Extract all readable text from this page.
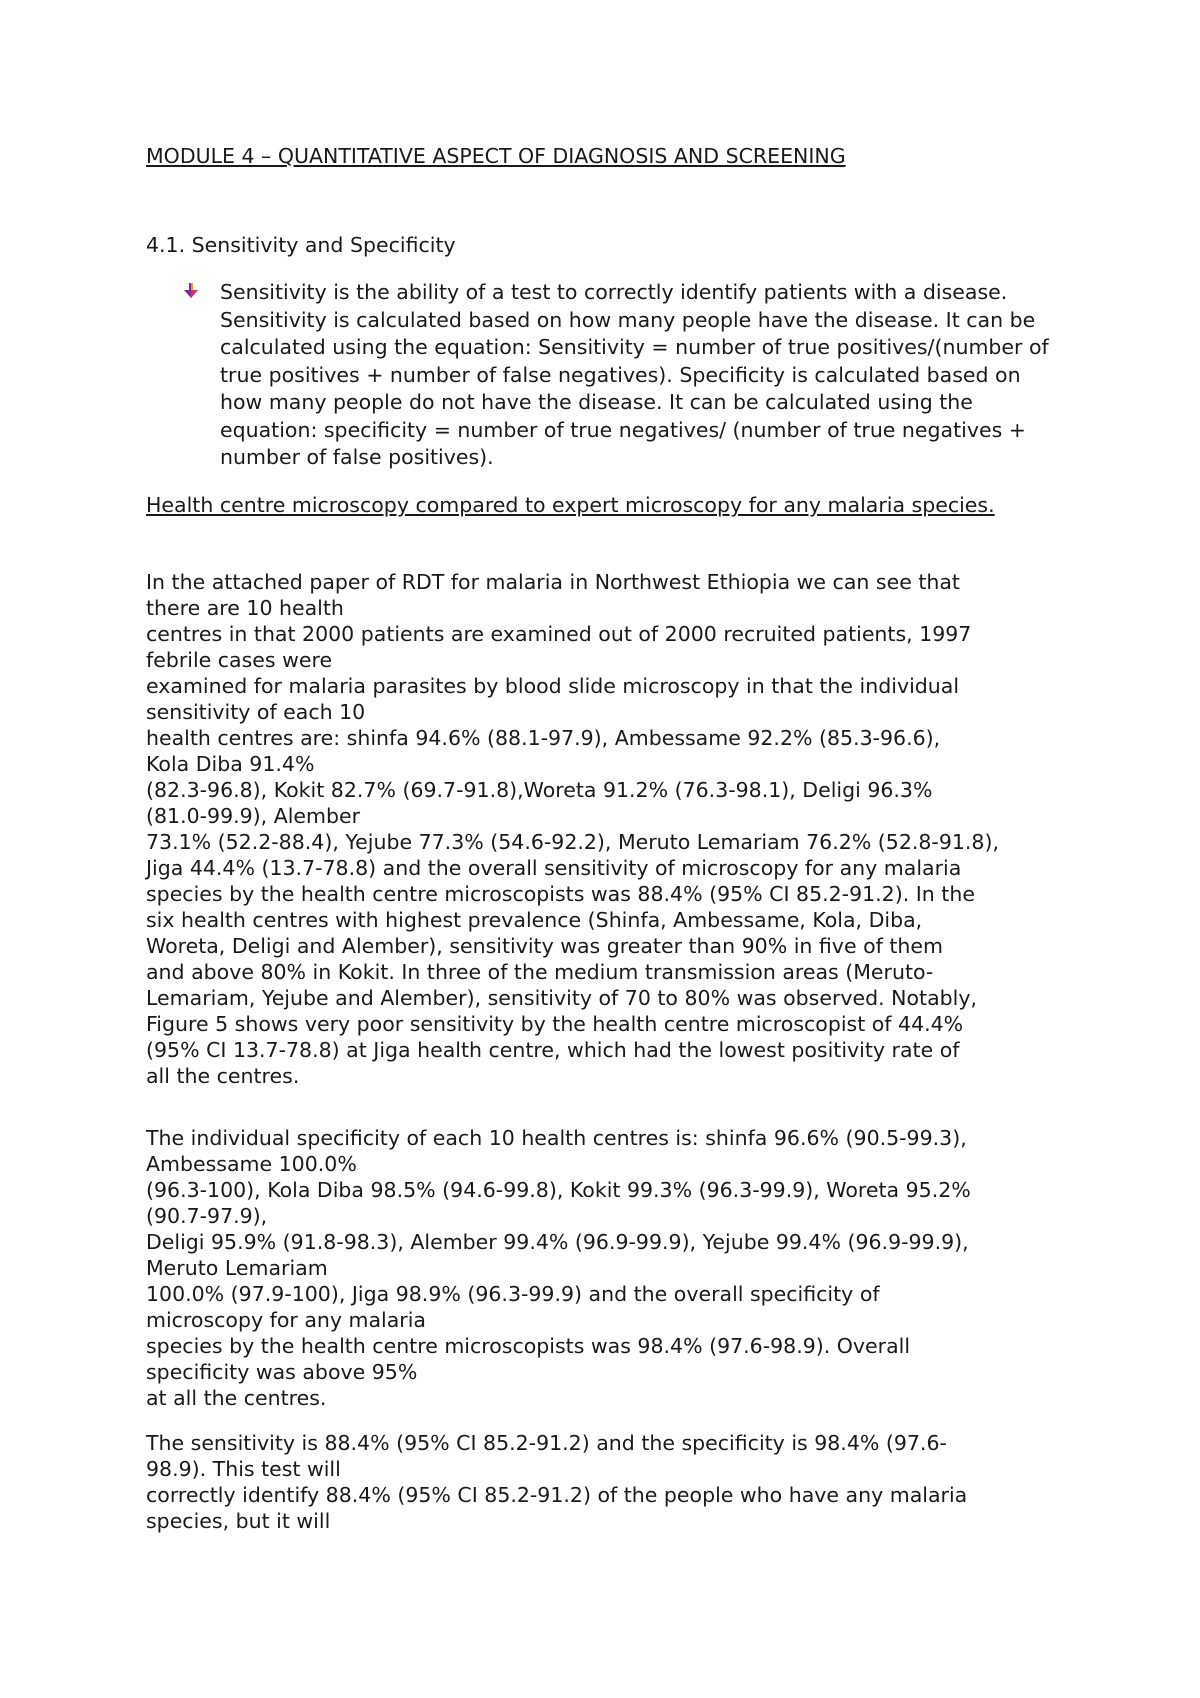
MODULE 4 – QUANTITATIVE ASPECT OF DIAGNOSIS AND SCREENING
4.1. Sensitivity and Specificity
Sensitivity is the ability of a test to correctly identify patients with a disease. Sensitivity is calculated based on how many people have the disease. It can be calculated using the equation: Sensitivity = number of true positives/(number of true positives + number of false negatives). Specificity is calculated based on how many people do not have the disease. It can be calculated using the equation: specificity = number of true negatives/ (number of true negatives + number of false positives).
Health centre microscopy compared to expert microscopy for any malaria species.
In the attached paper of RDT for malaria in Northwest Ethiopia we can see that
there are 10 health
centres in that 2000 patients are examined out of 2000 recruited patients, 1997
febrile cases were
examined for malaria parasites by blood slide microscopy in that the individual
sensitivity of each 10
health centres are: shinfa 94.6% (88.1-97.9), Ambessame 92.2% (85.3-96.6),
Kola Diba 91.4%
(82.3-96.8), Kokit 82.7% (69.7-91.8),Woreta 91.2% (76.3-98.1), Deligi 96.3%
(81.0-99.9), Alember
73.1% (52.2-88.4), Yejube 77.3% (54.6-92.2), Meruto Lemariam 76.2% (52.8-91.8),
Jiga 44.4% (13.7-78.8) and the overall sensitivity of microscopy for any malaria
species by the health centre microscopists was 88.4% (95% CI 85.2-91.2). In the
six health centres with highest prevalence (Shinfa, Ambessame, Kola, Diba,
Woreta, Deligi and Alember), sensitivity was greater than 90% in five of them
and above 80% in Kokit. In three of the medium transmission areas (Meruto-
Lemariam, Yejube and Alember), sensitivity of 70 to 80% was observed. Notably,
Figure 5 shows very poor sensitivity by the health centre microscopist of 44.4%
(95% CI 13.7-78.8) at Jiga health centre, which had the lowest positivity rate of
all the centres.
The individual specificity of each 10 health centres is: shinfa 96.6% (90.5-99.3),
Ambessame 100.0%
(96.3-100), Kola Diba 98.5% (94.6-99.8), Kokit 99.3% (96.3-99.9), Woreta 95.2%
(90.7-97.9),
Deligi 95.9% (91.8-98.3), Alember 99.4% (96.9-99.9), Yejube 99.4% (96.9-99.9),
Meruto Lemariam
100.0% (97.9-100), Jiga 98.9% (96.3-99.9) and the overall specificity of
microscopy for any malaria
species by the health centre microscopists was 98.4% (97.6-98.9). Overall
specificity was above 95%
at all the centres.
The sensitivity is 88.4% (95% CI 85.2-91.2) and the specificity is 98.4% (97.6-
98.9). This test will
correctly identify 88.4% (95% CI 85.2-91.2) of the people who have any malaria
species, but it will
